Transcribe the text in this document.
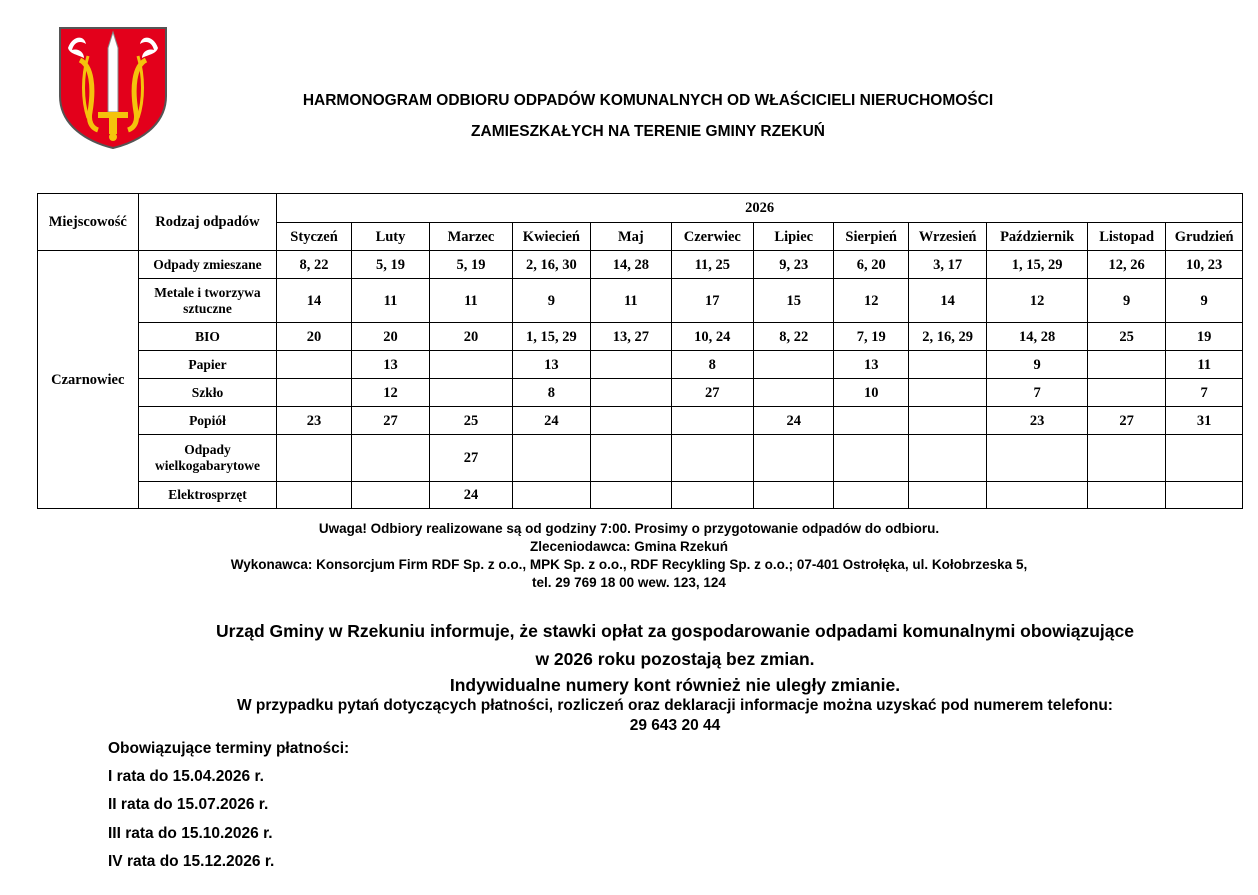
HARMONOGRAM ODBIORU ODPADÓW KOMUNALNYCH OD WŁAŚCICIELI NIERUCHOMOŚCI
ZAMIESZKAŁYCH NA TERENIE GMINY RZEKUŃ
Miejscowość	Rodzaj odpadów	2026											
		Styczeń	Luty	Marzec	Kwiecień	Maj	Czerwiec	Lipiec	Sierpień	Wrzesień	Październik	Listopad	Grudzień
Czarnowiec	Odpady zmieszane	8, 22	5, 19	5, 19	2, 16, 30	14, 28	11, 25	9, 23	6, 20	3, 17	1, 15, 29	12, 26	10, 23
	Metale i tworzywa sztuczne	14	11	11	9	11	17	15	12	14	12	9	9
	BIO	20	20	20	1, 15, 29	13, 27	10, 24	8, 22	7, 19	2, 16, 29	14, 28	25	19
	Papier		13		13		8		13		9		11
	Szkło		12		8		27		10		7		7
	Popiół	23	27	25	24			24			23	27	31
	Odpady wielkogabarytowe			27									
	Elektrosprzęt			24									
Uwaga! Odbiory realizowane są od godziny 7:00. Prosimy o przygotowanie odpadów do odbioru.
Zleceniodawca: Gmina Rzekuń
Wykonawca: Konsorcjum Firm RDF Sp. z o.o., MPK Sp. z o.o., RDF Recykling Sp. z o.o.; 07-401 Ostrołęka, ul. Kołobrzeska 5,
tel. 29 769 18 00 wew. 123, 124
Urząd Gminy w Rzekuniu informuje, że stawki opłat za gospodarowanie odpadami komunalnymi obowiązujące
w 2026 roku pozostają bez zmian.
Indywidualne numery kont również nie uległy zmianie.
W przypadku pytań dotyczących płatności, rozliczeń oraz deklaracji informacje można uzyskać pod numerem telefonu:
29 643 20 44
Obowiązujące terminy płatności:
I rata do 15.04.2026 r.
II rata do 15.07.2026 r.
III rata do 15.10.2026 r.
IV rata do 15.12.2026 r.
